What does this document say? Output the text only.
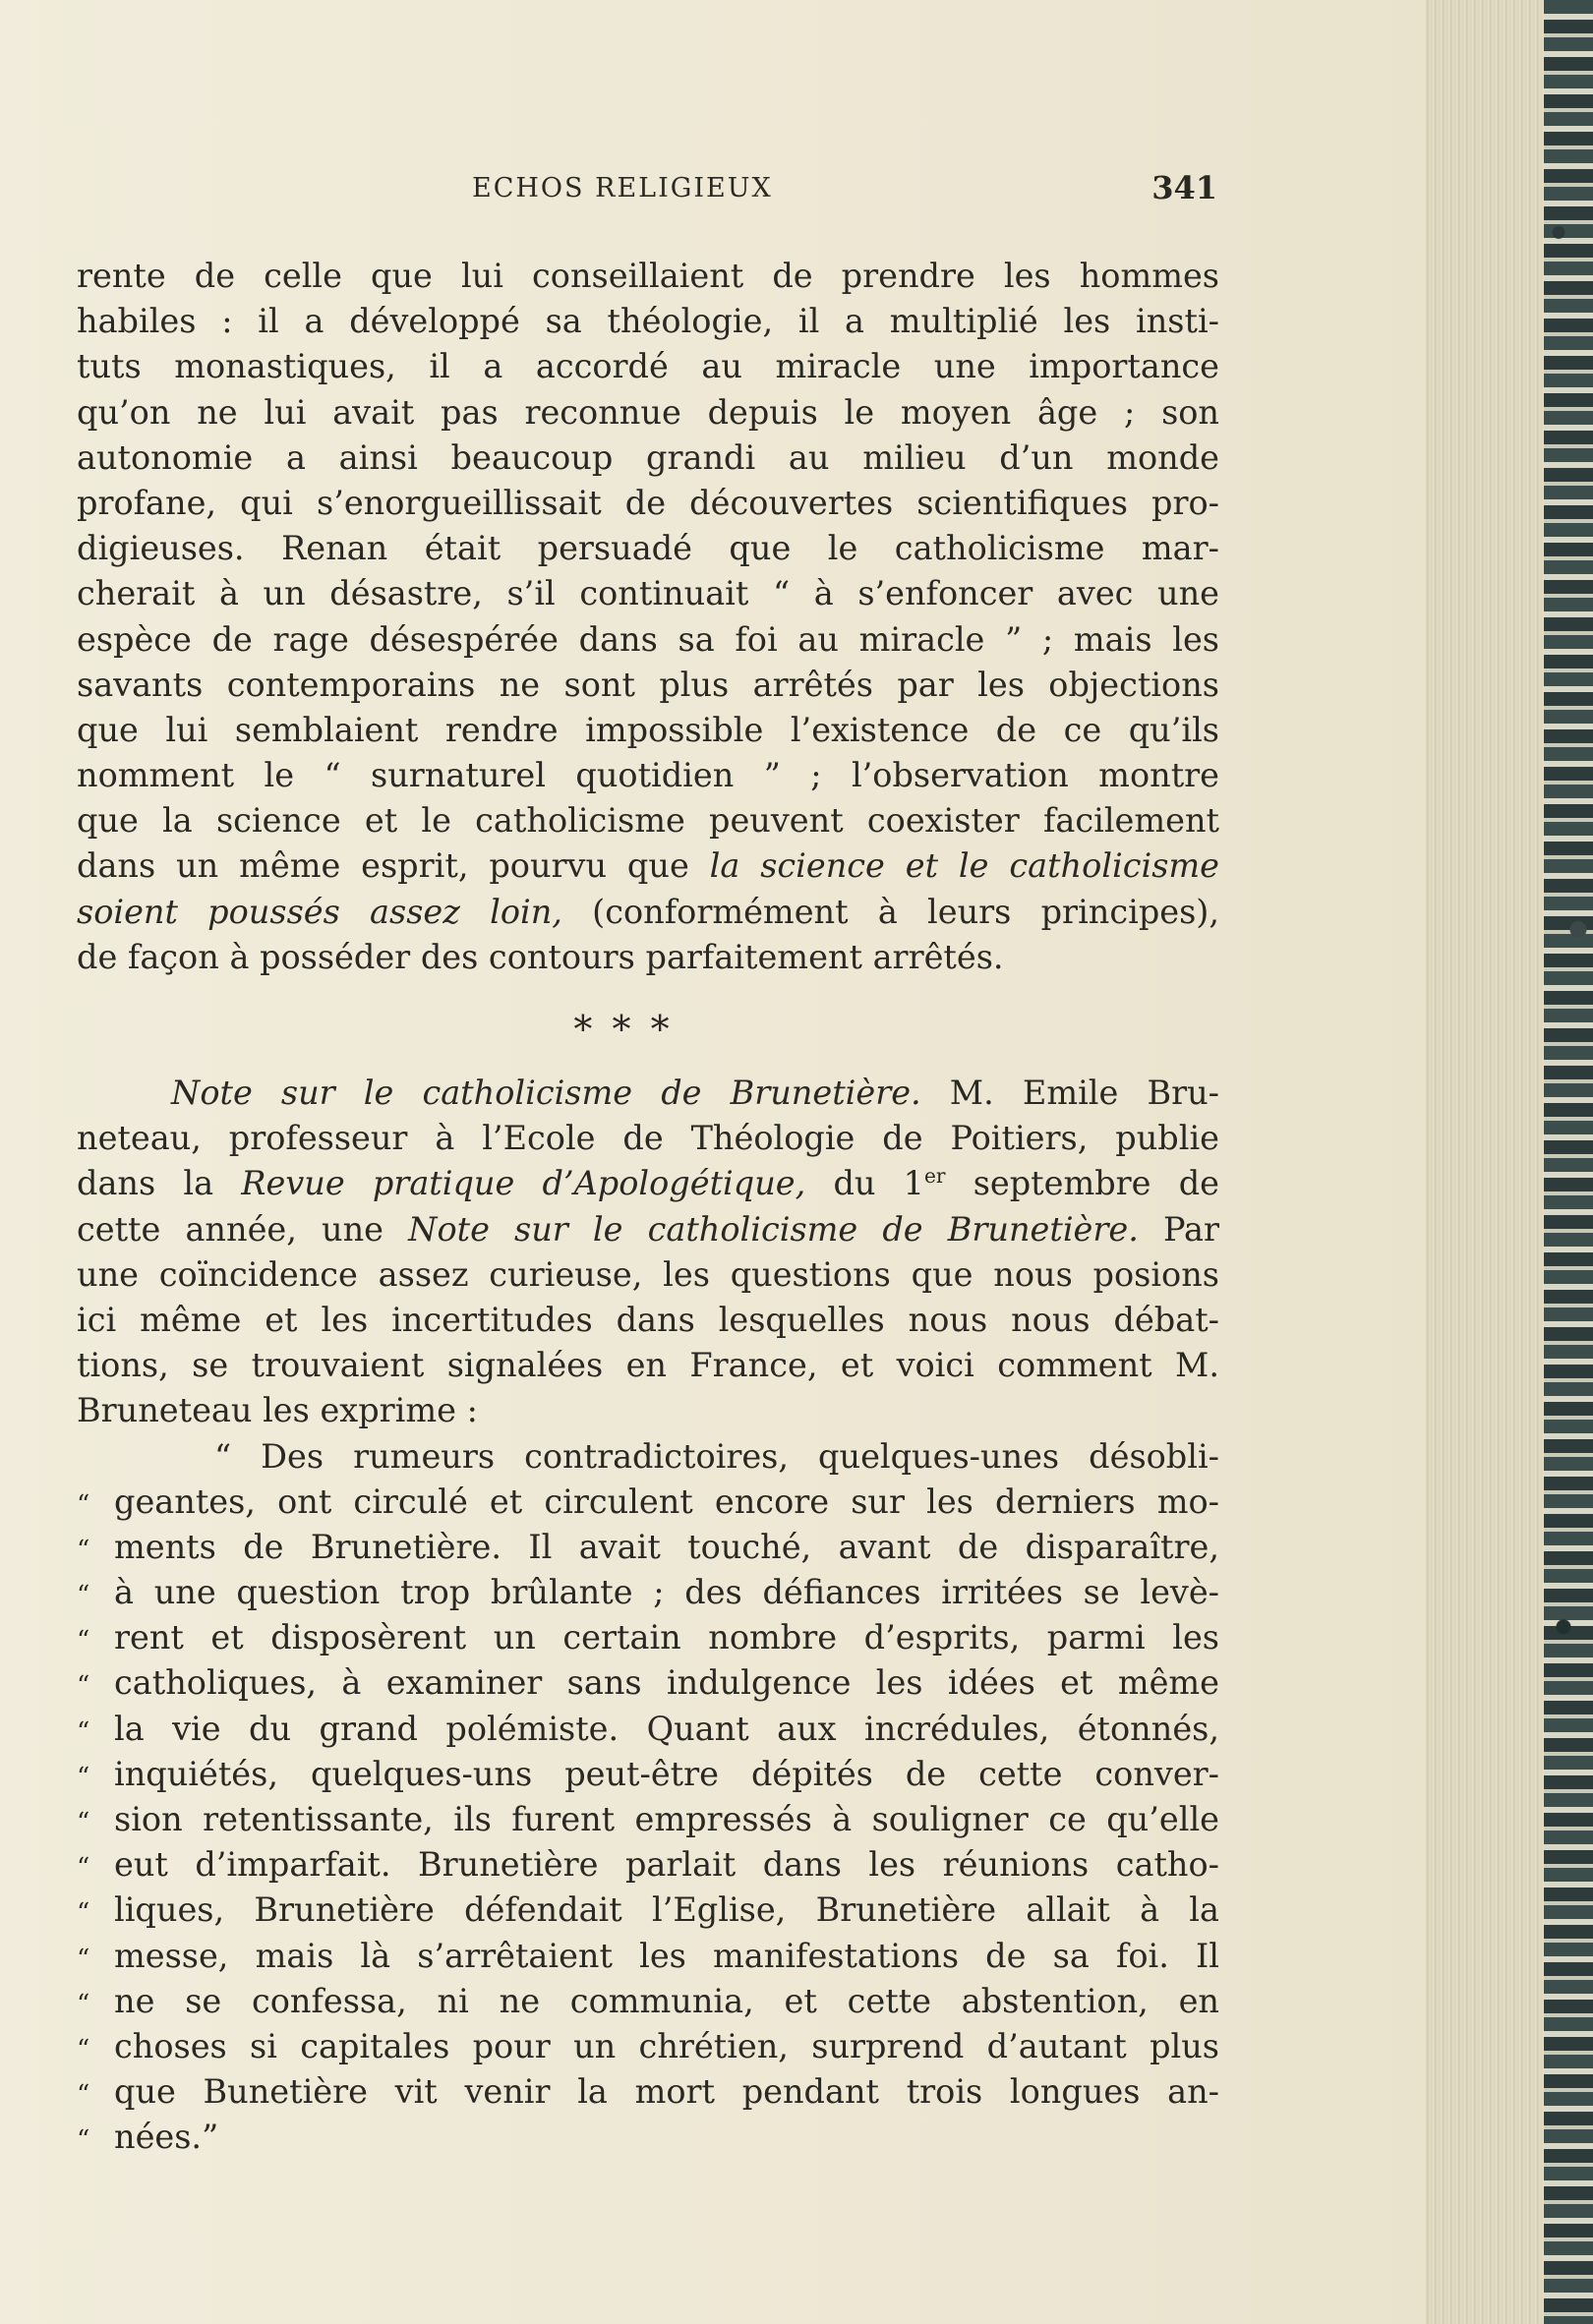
ECHOS RELIGIEUX	341
rente de celle que lui conseillaient de prendre les hommes
habiles : il a développé sa théologie, il a multiplié les insti-
tuts monastiques, il a accordé au miracle une importance
qu’on ne lui avait pas reconnue depuis le moyen âge ; son
autonomie a ainsi beaucoup grandi au milieu d’un monde
profane, qui s’enorgueillissait de découvertes scientifiques pro-
digieuses. Renan était persuadé que le catholicisme mar-
cherait à un désastre, s’il continuait “ à s’enfoncer avec une
espèce de rage désespérée dans sa foi au miracle ” ; mais les
savants contemporains ne sont plus arrêtés par les objections
que lui semblaient rendre impossible l’existence de ce qu’ils
nomment le “ surnaturel quotidien ” ; l’observation montre
que la science et le catholicisme peuvent coexister facilement
dans un même esprit, pourvu que la science et le catholicisme
soient poussés assez loin, (conformément à leurs principes),
de façon à posséder des contours parfaitement arrêtés.
* * *
Note sur le catholicisme de Brunetière. M. Emile Bru-
neteau, professeur à l’Ecole de Théologie de Poitiers, publie
dans la Revue pratique d’Apologétique, du 1er septembre de
cette année, une Note sur le catholicisme de Brunetière. Par
une coïncidence assez curieuse, les questions que nous posions
ici même et les incertitudes dans lesquelles nous nous débat-
tions, se trouvaient signalées en France, et voici comment M.
Bruneteau les exprime :
“ Des rumeurs contradictoires, quelques-unes désobli-
“ geantes, ont circulé et circulent encore sur les derniers mo-
“ ments de Brunetière. Il avait touché, avant de disparaître,
“ à une question trop brûlante ; des défiances irritées se levè-
“ rent et disposèrent un certain nombre d’esprits, parmi les
“ catholiques, à examiner sans indulgence les idées et même
“ la vie du grand polémiste. Quant aux incrédules, étonnés,
“ inquiétés, quelques-uns peut-être dépités de cette conver-
“ sion retentissante, ils furent empressés à souligner ce qu’elle
“ eut d’imparfait. Brunetière parlait dans les réunions catho-
“ liques, Brunetière défendait l’Eglise, Brunetière allait à la
“ messe, mais là s’arrêtaient les manifestations de sa foi. Il
“ ne se confessa, ni ne communia, et cette abstention, en
“ choses si capitales pour un chrétien, surprend d’autant plus
“ que Bunetière vit venir la mort pendant trois longues an-
“ nées.”
